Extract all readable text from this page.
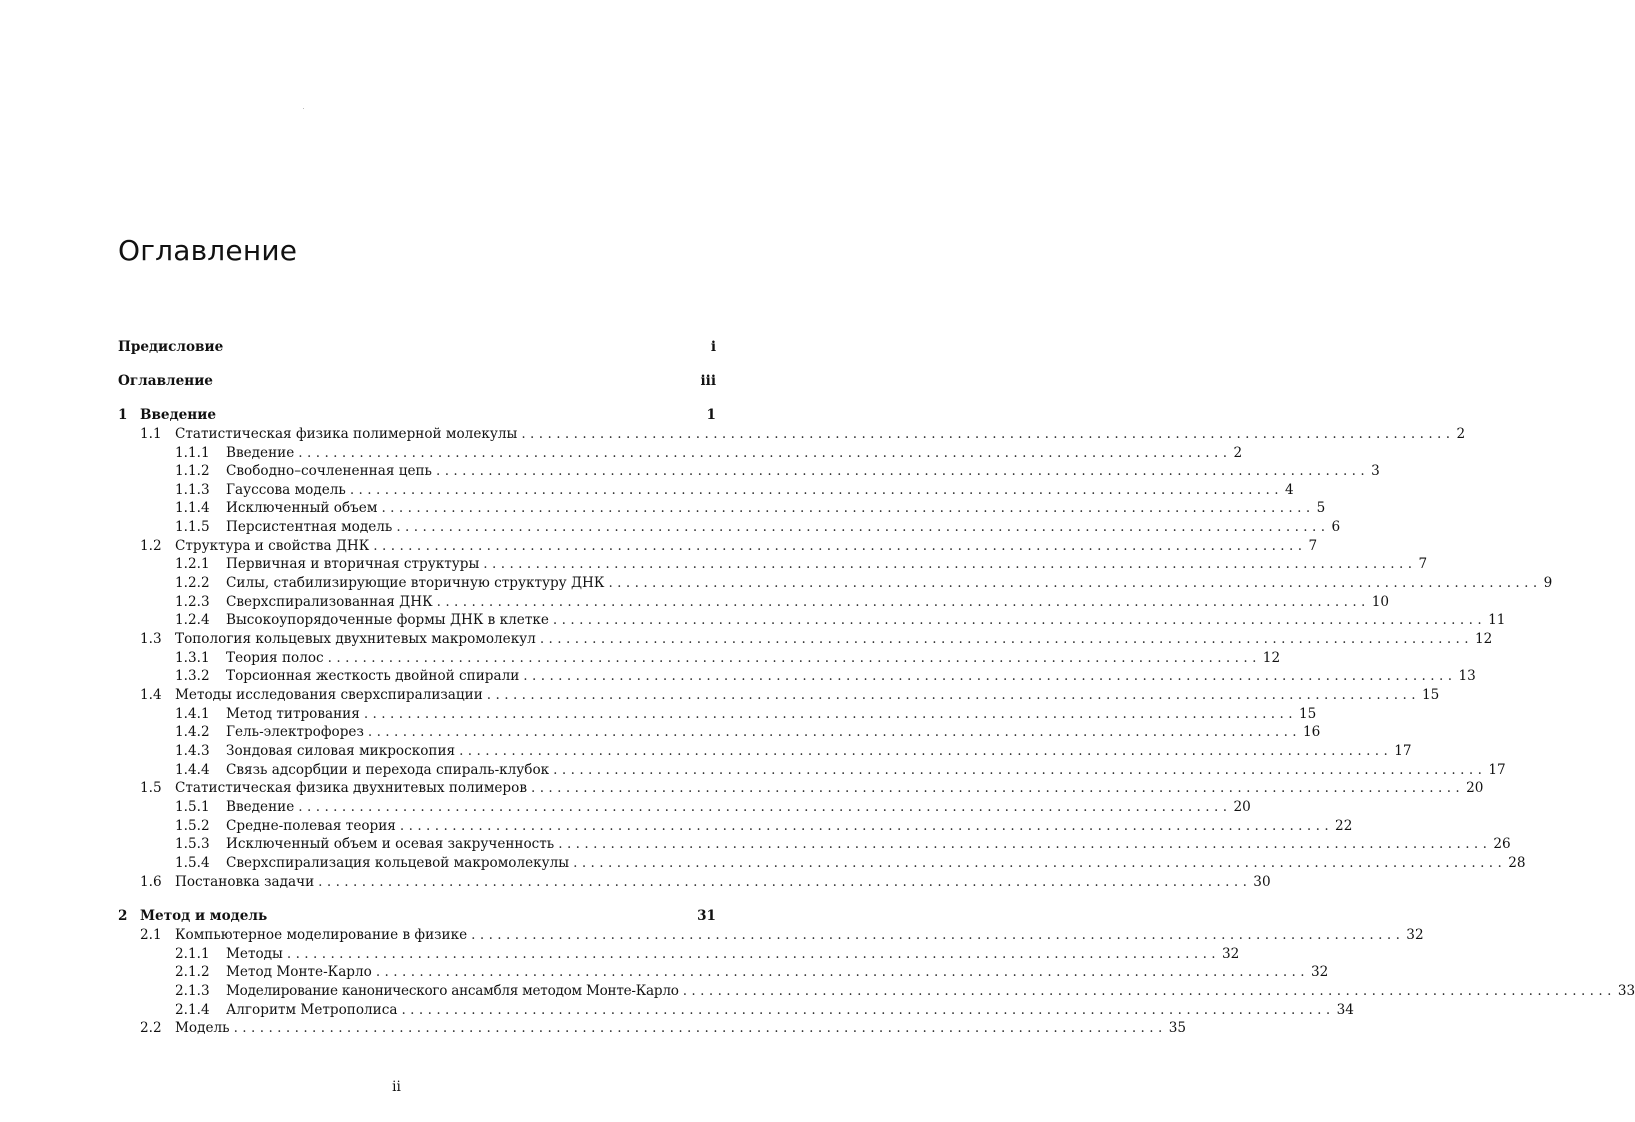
Оглавление
Предисловие	i
Оглавление	iii
1 Введение	1
1.1 Статистическая физика полимерной молекулы ........................................................................................................... 2
1.1.1	Введение ........................................................................................................... 2
1.1.2	Свободно–сочлененная цепь ........................................................................................................... 3
1.1.3	Гауссова модель ........................................................................................................... 4
1.1.4	Исключенный объем ........................................................................................................... 5
1.1.5	Персистентная модель ........................................................................................................... 6
1.2 Структура и свойства ДНК ........................................................................................................... 7
1.2.1	Первичная и вторичная структуры ........................................................................................................... 7
1.2.2	Силы, стабилизирующие вторичную структуру ДНК ........................................................................................................... 9
1.2.3	Сверхспирализованная ДНК ........................................................................................................... 10
1.2.4	Высокоупорядоченные формы ДНК в клетке ........................................................................................................... 11
1.3 Топология кольцевых двухнитевых макромолекул ........................................................................................................... 12
1.3.1	Теория полос ........................................................................................................... 12
1.3.2	Торсионная жесткость двойной спирали ........................................................................................................... 13
1.4 Методы исследования сверхспирализации ........................................................................................................... 15
1.4.1	Метод титрования ........................................................................................................... 15
1.4.2	Гель-электрофорез ........................................................................................................... 16
1.4.3	Зондовая силовая микроскопия ........................................................................................................... 17
1.4.4	Связь адсорбции и перехода спираль-клубок ........................................................................................................... 17
1.5 Статистическая физика двухнитевых полимеров ........................................................................................................... 20
1.5.1	Введение ........................................................................................................... 20
1.5.2	Средне-полевая теория ........................................................................................................... 22
1.5.3	Исключенный объем и осевая закрученность ........................................................................................................... 26
1.5.4	Сверхспирализация кольцевой макромолекулы ........................................................................................................... 28
1.6 Постановка задачи ........................................................................................................... 30
2 Метод и модель	31
2.1 Компьютерное моделирование в физике ........................................................................................................... 32
2.1.1	Методы ........................................................................................................... 32
2.1.2	Метод Монте-Карло ........................................................................................................... 32
2.1.3	Моделирование канонического ансамбля методом Монте-Карло ........................................................................................................... 33
2.1.4	Алгоритм Метрополиса ........................................................................................................... 34
2.2 Модель ........................................................................................................... 35
ii
